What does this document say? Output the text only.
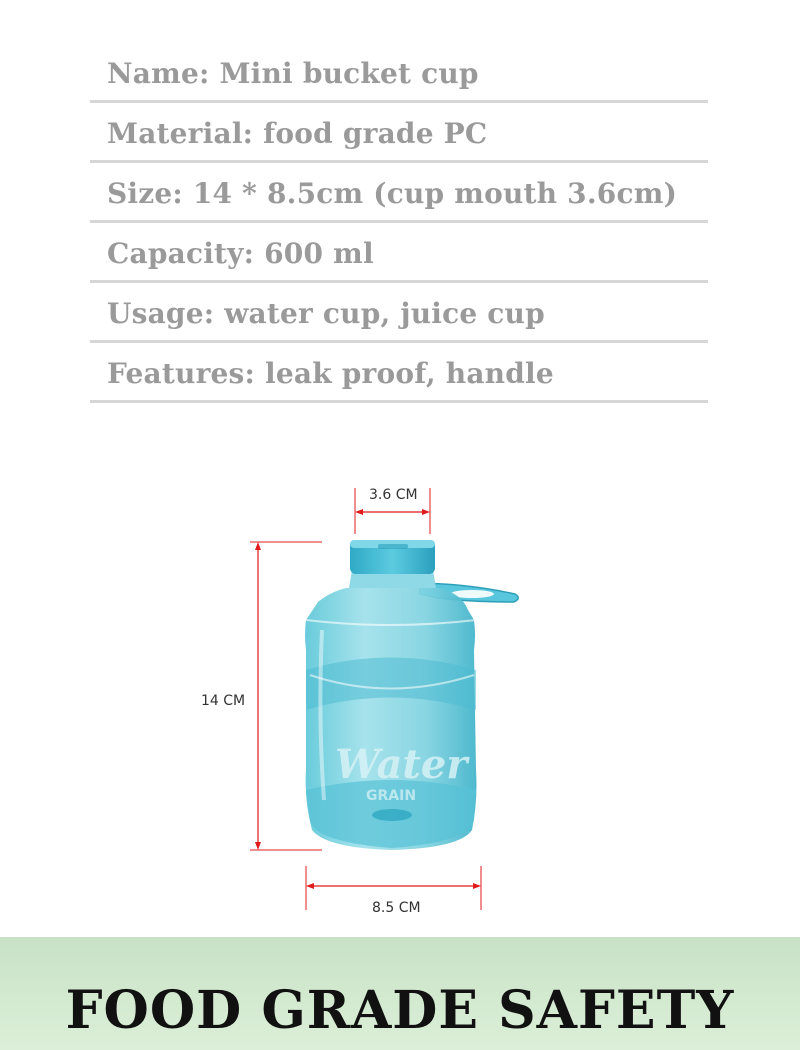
Name: Mini bucket cup
Material: food grade PC
Size: 14 * 8.5cm (cup mouth 3.6cm)
Capacity: 600 ml
Usage: water cup, juice cup
Features: leak proof, handle
Water
GRAIN
3.6 CM
14 CM
8.5 CM
FOOD GRADE SAFETY
